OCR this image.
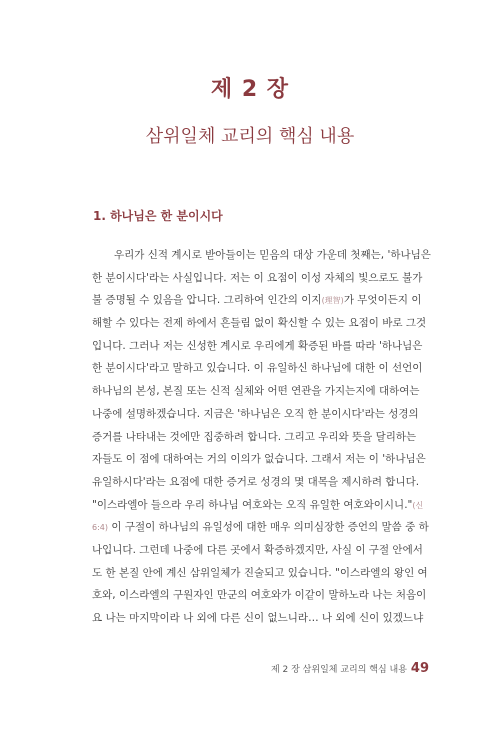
제 2 장
삼위일체 교리의 핵심 내용
1. 하나님은 한 분이시다
우리가 신적 계시로 받아들이는 믿음의 대상 가운데 첫째는, '하나님은
한 분이시다'라는 사실입니다. 저는 이 요점이 이성 자체의 빛으로도 불가
불 증명될 수 있음을 압니다. 그리하여 인간의 이지(理智)가 무엇이든지 이
해할 수 있다는 전제 하에서 흔들림 없이 확신할 수 있는 요점이 바로 그것
입니다. 그러나 저는 신성한 계시로 우리에게 확증된 바를 따라 '하나님은
한 분이시다'라고 말하고 있습니다. 이 유일하신 하나님에 대한 이 선언이
하나님의 본성, 본질 또는 신적 실체와 어떤 연관을 가지는지에 대하여는
나중에 설명하겠습니다. 지금은 '하나님은 오직 한 분이시다'라는 성경의
증거를 나타내는 것에만 집중하려 합니다. 그리고 우리와 뜻을 달리하는
자들도 이 점에 대하여는 거의 이의가 없습니다. 그래서 저는 이 '하나님은
유일하시다'라는 요점에 대한 증거로 성경의 몇 대목을 제시하려 합니다.
"이스라엘아 들으라 우리 하나님 여호와는 오직 유일한 여호와이시니."(신
6:4) 이 구절이 하나님의 유일성에 대한 매우 의미심장한 증언의 말씀 중 하
나입니다. 그런데 나중에 다른 곳에서 확증하겠지만, 사실 이 구절 안에서
도 한 본질 안에 계신 삼위일체가 진술되고 있습니다. "이스라엘의 왕인 여
호와, 이스라엘의 구원자인 만군의 여호와가 이같이 말하노라 나는 처음이
요 나는 마지막이라 나 외에 다른 신이 없느니라… 나 외에 신이 있겠느냐
제 2 장 삼위일체 교리의 핵심 내용 49
